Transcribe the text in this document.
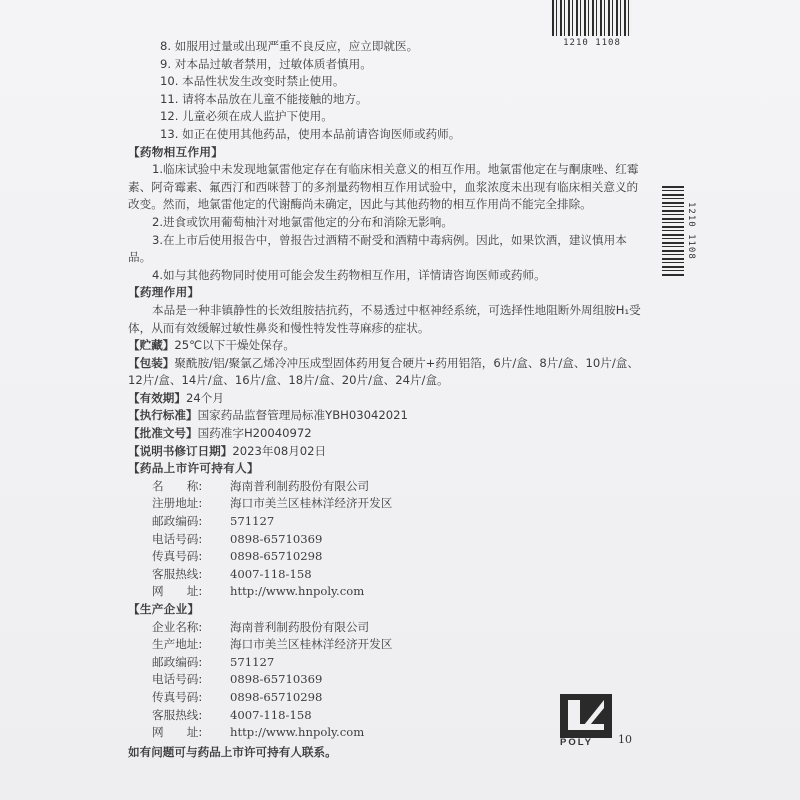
1210 1108
1210 1108
8. 如服用过量或出现严重不良反应，应立即就医。
9. 对本品过敏者禁用，过敏体质者慎用。
10. 本品性状发生改变时禁止使用。
11. 请将本品放在儿童不能接触的地方。
12. 儿童必须在成人监护下使用。
13. 如正在使用其他药品，使用本品前请咨询医师或药师。
【药物相互作用】

1.临床试验中未发现地氯雷他定存在有临床相关意义的相互作用。地氯雷他定在与酮康唑、红霉素、阿奇霉素、氟西汀和西咪替丁的多剂量药物相互作用试验中，血浆浓度未出现有临床相关意义的改变。然而，地氯雷他定的代谢酶尚未确定，因此与其他药物的相互作用尚不能完全排除。

2.进食或饮用葡萄柚汁对地氯雷他定的分布和消除无影响。

3.在上市后使用报告中，曾报告过酒精不耐受和酒精中毒病例。因此，如果饮酒，建议慎用本品。

4.如与其他药物同时使用可能会发生药物相互作用，详情请咨询医师或药师。

【药理作用】

本品是一种非镇静性的长效组胺拮抗药，不易透过中枢神经系统，可选择性地阻断外周组胺H₁受体，从而有效缓解过敏性鼻炎和慢性特发性荨麻疹的症状。

【贮藏】25℃以下干燥处保存。
【包装】聚酰胺/铝/聚氯乙烯冷冲压成型固体药用复合硬片+药用铝箔，6片/盒、8片/盒、10片/盒、12片/盒、14片/盒、16片/盒、18片/盒、20片/盒、24片/盒。
【有效期】24个月
【执行标准】国家药品监督管理局标准YBH03042021
【批准文号】国药准字H20040972
【说明书修订日期】2023年08月02日
【药品上市许可持有人】
名　　称:	海南普利制药股份有限公司
注册地址:	海口市美兰区桂林洋经济开发区
邮政编码:	571127
电话号码:	0898-65710369
传真号码:	0898-65710298
客服热线:	4007-118-158
网　　址:	http://www.hnpoly.com
【生产企业】
企业名称:	海南普利制药股份有限公司
生产地址:	海口市美兰区桂林洋经济开发区
邮政编码:	571127
电话号码:	0898-65710369
传真号码:	0898-65710298
客服热线:	4007-118-158
网　　址:	http://www.hnpoly.com
如有问题可与药品上市许可持有人联系。
POLY 10
